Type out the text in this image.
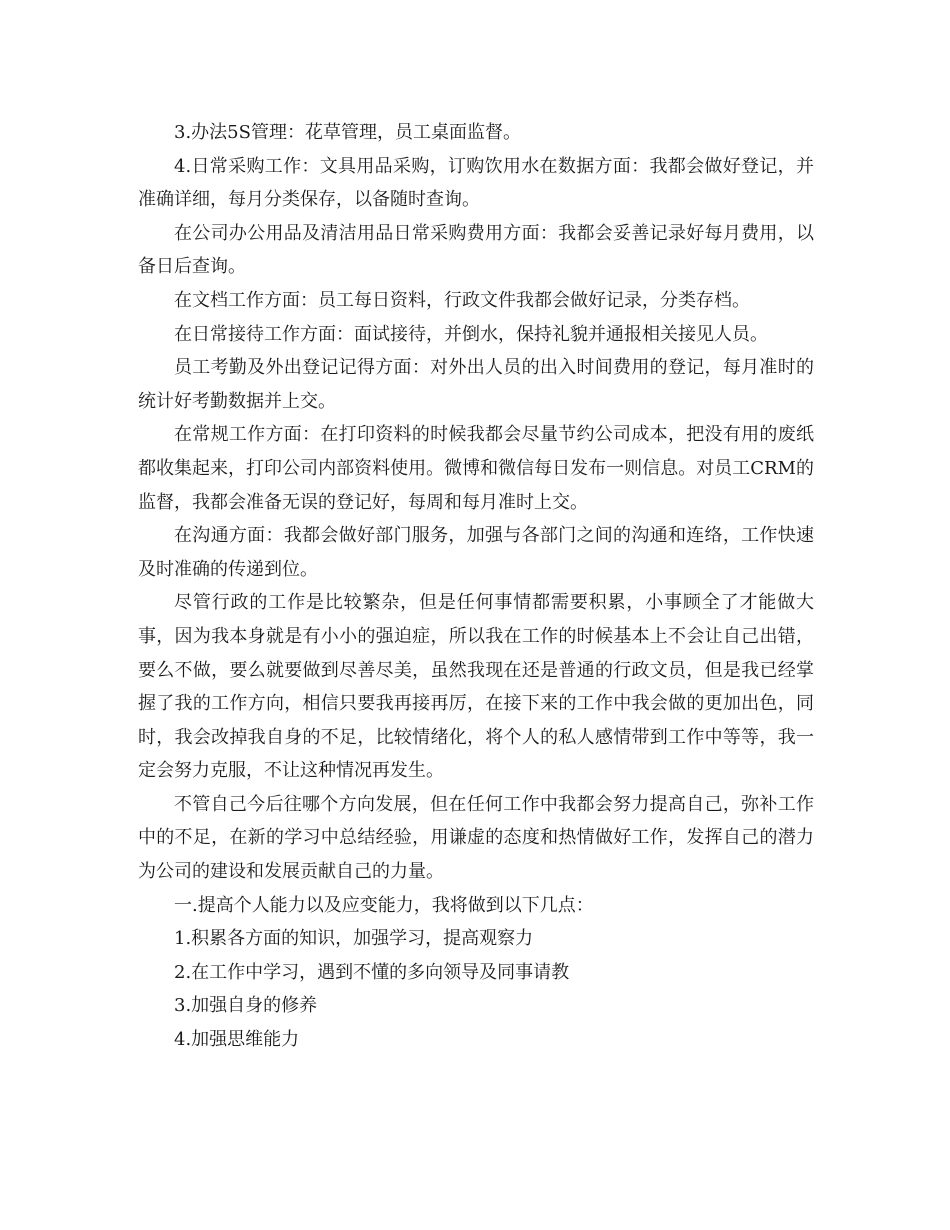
3.办法5S管理：花草管理，员工桌面监督。

4.日常采购工作：文具用品采购，订购饮用水在数据方面：我都会做好登记，并准确详细，每月分类保存，以备随时查询。

在公司办公用品及清洁用品日常采购费用方面：我都会妥善记录好每月费用，以备日后查询。

在文档工作方面：员工每日资料，行政文件我都会做好记录，分类存档。

在日常接待工作方面：面试接待，并倒水，保持礼貌并通报相关接见人员。

员工考勤及外出登记记得方面：对外出人员的出入时间费用的登记，每月准时的统计好考勤数据并上交。

在常规工作方面：在打印资料的时候我都会尽量节约公司成本，把没有用的废纸都收集起来，打印公司内部资料使用。微博和微信每日发布一则信息。对员工CRM的监督，我都会准备无误的登记好，每周和每月准时上交。

在沟通方面：我都会做好部门服务，加强与各部门之间的沟通和连络，工作快速及时准确的传递到位。

尽管行政的工作是比较繁杂，但是任何事情都需要积累，小事顾全了才能做大事，因为我本身就是有小小的强迫症，所以我在工作的时候基本上不会让自己出错，要么不做，要么就要做到尽善尽美，虽然我现在还是普通的行政文员，但是我已经掌握了我的工作方向，相信只要我再接再厉，在接下来的工作中我会做的更加出色，同时，我会改掉我自身的不足，比较情绪化，将个人的私人感情带到工作中等等，我一定会努力克服，不让这种情况再发生。

不管自己今后往哪个方向发展，但在任何工作中我都会努力提高自己，弥补工作中的不足，在新的学习中总结经验，用谦虚的态度和热情做好工作，发挥自己的潜力为公司的建设和发展贡献自己的力量。

一.提高个人能力以及应变能力，我将做到以下几点：

1.积累各方面的知识，加强学习，提高观察力

2.在工作中学习，遇到不懂的多向领导及同事请教

3.加强自身的修养

4.加强思维能力
